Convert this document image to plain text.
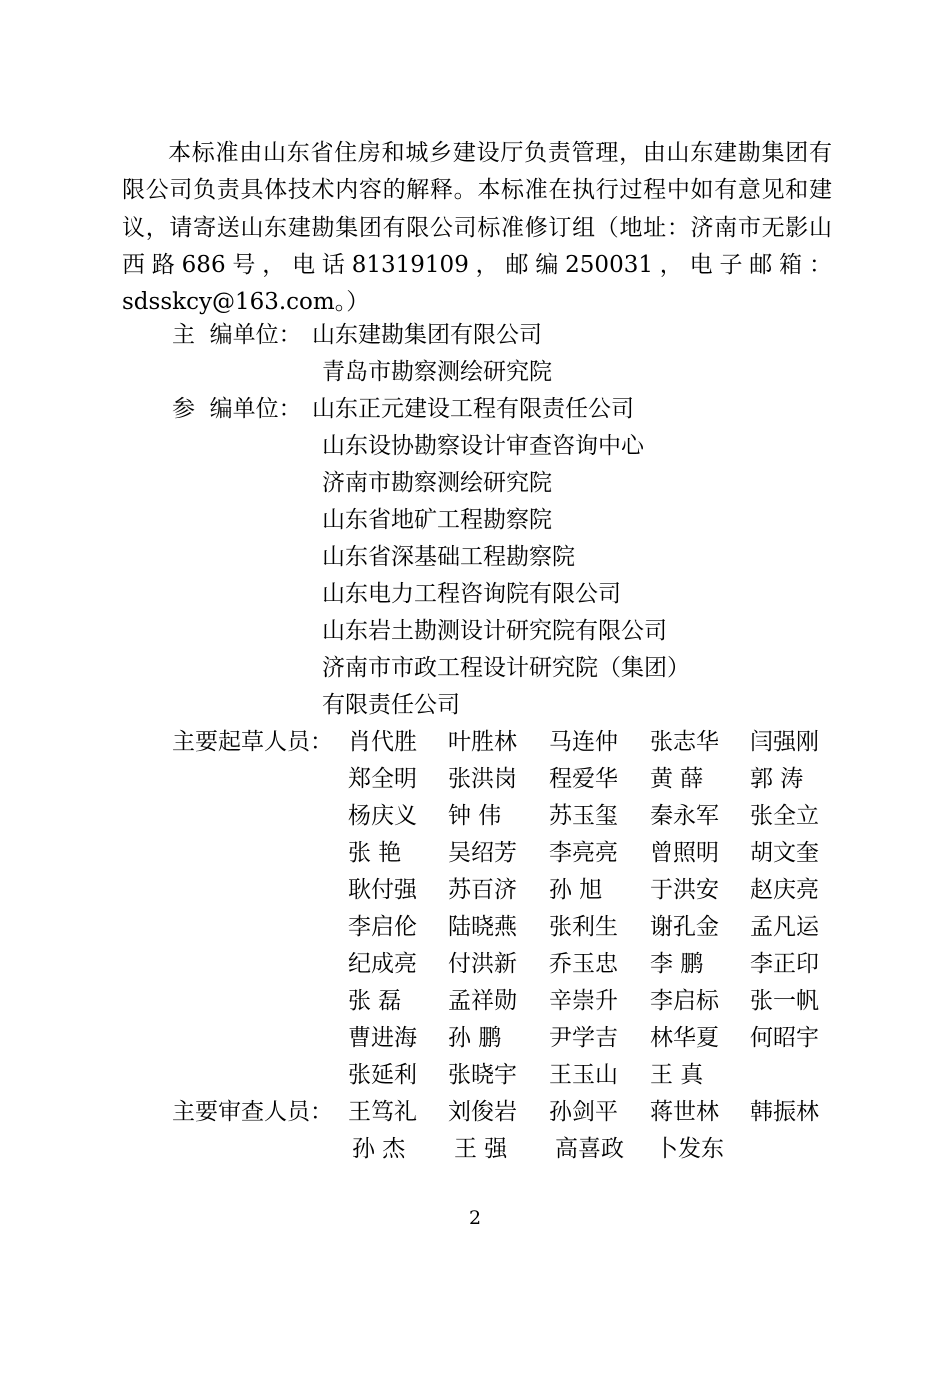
本标准由山东省住房和城乡建设厅负责管理，由山东建勘集团有限公司负责具体技术内容的解释。本标准在执行过程中如有意见和建议，请寄送山东建勘集团有限公司标准修订组（地址：济南市无影山西路686号，电话81319109，邮编250031，电子邮箱：sdsskcy@163.com。）

主  编单位： 山东建勘集团有限公司
青岛市勘察测绘研究院
参  编单位： 山东正元建设工程有限责任公司
山东设协勘察设计审查咨询中心
济南市勘察测绘研究院
山东省地矿工程勘察院
山东省深基础工程勘察院
山东电力工程咨询院有限公司
山东岩土勘测设计研究院有限公司
济南市市政工程设计研究院（集团）
有限责任公司
主要起草人员：
主要审查人员：
肖代胜 叶胜林 马连仲 张志华 闫强刚
郑全明 张洪岗 程爱华 黄 薛 郭 涛
杨庆义 钟 伟 苏玉玺 秦永军 张全立
张 艳 吴绍芳 李亮亮 曾照明 胡文奎
耿付强 苏百济 孙 旭 于洪安 赵庆亮
李启伦 陆晓燕 张利生 谢孔金 孟凡运
纪成亮 付洪新 乔玉忠 李 鹏 李正印
张 磊 孟祥勋 辛崇升 李启标 张一帆
曹进海 孙 鹏 尹学吉 林华夏 何昭宇
张延利 张晓宇 王玉山 王 真
王笃礼 刘俊岩 孙剑平 蒋世林 韩振林
孙 杰 王 强 高喜政 卜发东
2
